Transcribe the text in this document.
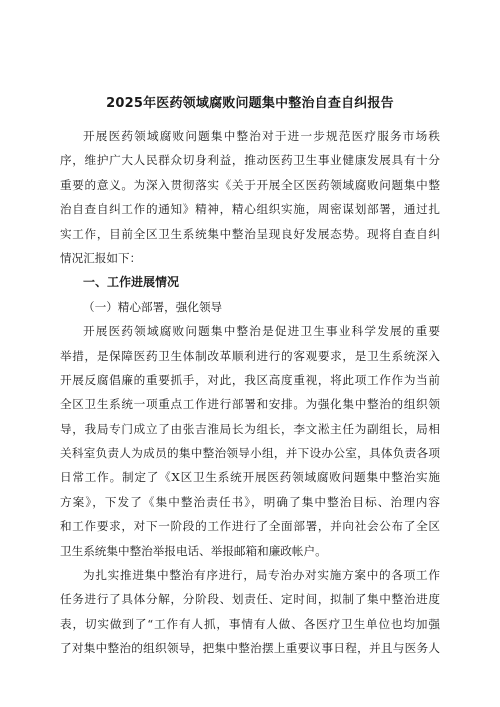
2025年医药领域腐败问题集中整治自查自纠报告
开展医药领域腐败问题集中整治对于进一步规范医疗服务市场秩
序，维护广大人民群众切身利益，推动医药卫生事业健康发展具有十分
重要的意义。为深入贯彻落实《关于开展全区医药领域腐败问题集中整
治自查自纠工作的通知》精神，精心组织实施，周密谋划部署，通过扎
实工作，目前全区卫生系统集中整治呈现良好发展态势。现将自查自纠
情况汇报如下：
一、工作进展情况
（一）精心部署，强化领导
开展医药领域腐败问题集中整治是促进卫生事业科学发展的重要
举措，是保障医药卫生体制改革顺利进行的客观要求，是卫生系统深入
开展反腐倡廉的重要抓手，对此，我区高度重视，将此项工作作为当前
全区卫生系统一项重点工作进行部署和安排。为强化集中整治的组织领
导，我局专门成立了由张吉淮局长为组长，李文淞主任为副组长，局相
关科室负责人为成员的集中整治领导小组，并下设办公室，具体负责各项
日常工作。制定了《X区卫生系统开展医药领域腐败问题集中整治实施
方案》，下发了《集中整治责任书》，明确了集中整治目标、治理内容
和工作要求，对下一阶段的工作进行了全面部署，并向社会公布了全区
卫生系统集中整治举报电话、举报邮箱和廉政帐户。
为扎实推进集中整治有序进行，局专治办对实施方案中的各项工作
任务进行了具体分解，分阶段、划责任、定时间，拟制了集中整治进度
表，切实做到了“工作有人抓，事情有人做、各医疗卫生单位也均加强
了对集中整治的组织领导，把集中整治摆上重要议事日程，并且与医务人
